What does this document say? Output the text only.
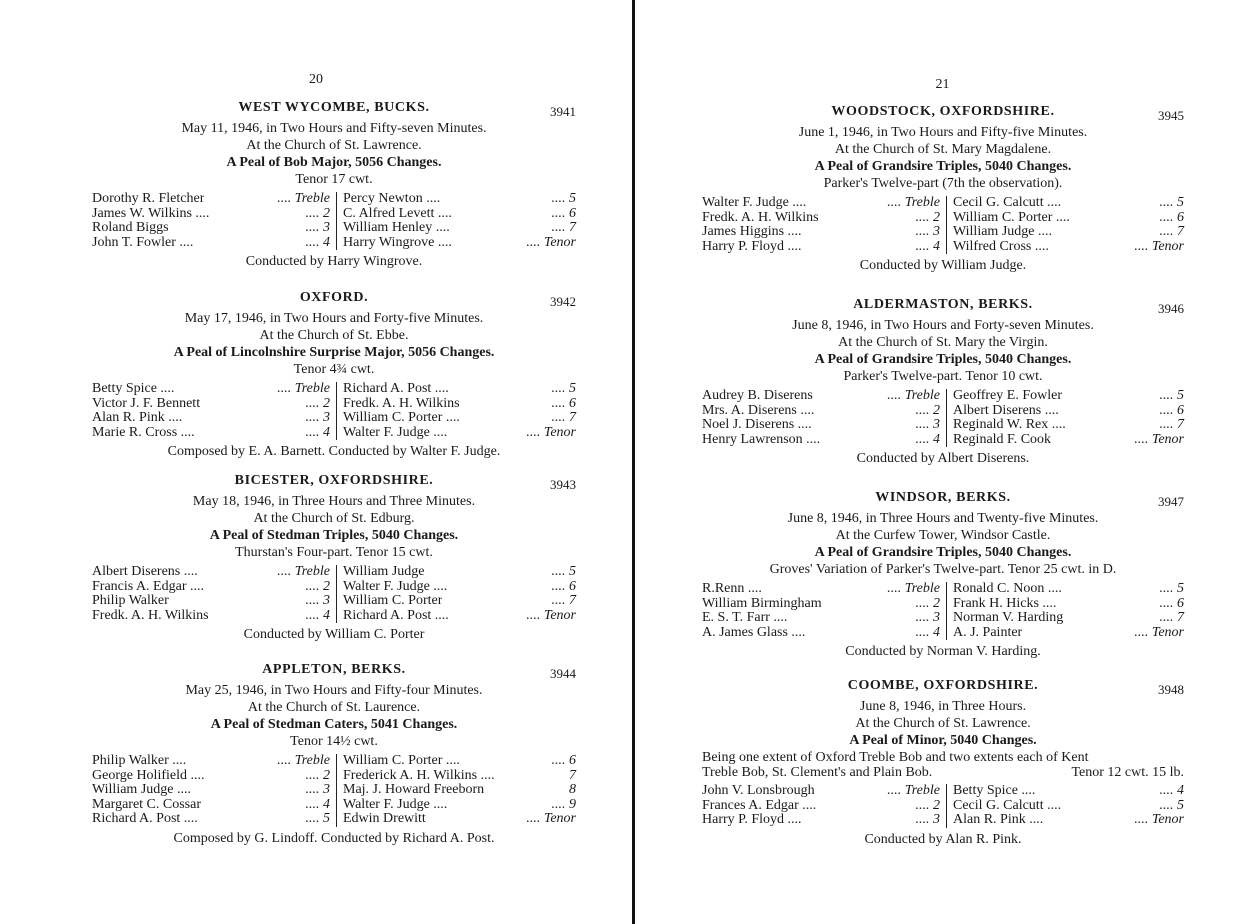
20
WEST WYCOMBE, BUCKS.	3941
May 11, 1946, in Two Hours and Fifty-seven Minutes.
At the Church of St. Lawrence.
A Peal of Bob Major, 5056 Changes.
Tenor 17 cwt.
Dorothy R. Fletcher	.... Treble
James W. Wilkins ....	.... 2
Roland Biggs	.... 3
John T. Fowler ....	.... 4
Percy Newton ....	.... 5
C. Alfred Levett ....	.... 6
William Henley ....	.... 7
Harry Wingrove ....	.... Tenor
Conducted by Harry Wingrove.
OXFORD.	3942
May 17, 1946, in Two Hours and Forty-five Minutes.
At the Church of St. Ebbe.
A Peal of Lincolnshire Surprise Major, 5056 Changes.
Tenor 4¾ cwt.
Betty Spice ....	.... Treble
Victor J. F. Bennett	.... 2
Alan R. Pink ....	.... 3
Marie R. Cross ....	.... 4
Richard A. Post ....	.... 5
Fredk. A. H. Wilkins	.... 6
William C. Porter ....	.... 7
Walter F. Judge ....	.... Tenor
Composed by E. A. Barnett. Conducted by Walter F. Judge.
BICESTER, OXFORDSHIRE.	3943
May 18, 1946, in Three Hours and Three Minutes.
At the Church of St. Edburg.
A Peal of Stedman Triples, 5040 Changes.
Thurstan's Four-part. Tenor 15 cwt.
Albert Diserens ....	.... Treble
Francis A. Edgar ....	.... 2
Philip Walker	.... 3
Fredk. A. H. Wilkins	.... 4
William Judge	.... 5
Walter F. Judge ....	.... 6
William C. Porter	.... 7
Richard A. Post ....	.... Tenor
Conducted by William C. Porter
APPLETON, BERKS.	3944
May 25, 1946, in Two Hours and Fifty-four Minutes.
At the Church of St. Laurence.
A Peal of Stedman Caters, 5041 Changes.
Tenor 14½ cwt.
Philip Walker ....	.... Treble
George Holifield ....	.... 2
William Judge ....	.... 3
Margaret C. Cossar	.... 4
Richard A. Post ....	.... 5
William C. Porter ....	.... 6
Frederick A. H. Wilkins ....	7
Maj. J. Howard Freeborn	8
Walter F. Judge ....	.... 9
Edwin Drewitt	.... Tenor
Composed by G. Lindoff. Conducted by Richard A. Post.
21
WOODSTOCK, OXFORDSHIRE.	3945
June 1, 1946, in Two Hours and Fifty-five Minutes.
At the Church of St. Mary Magdalene.
A Peal of Grandsire Triples, 5040 Changes.
Parker's Twelve-part (7th the observation).
Walter F. Judge ....	.... Treble
Fredk. A. H. Wilkins	.... 2
James Higgins ....	.... 3
Harry P. Floyd ....	.... 4
Cecil G. Calcutt ....	.... 5
William C. Porter ....	.... 6
William Judge ....	.... 7
Wilfred Cross ....	.... Tenor
Conducted by William Judge.
ALDERMASTON, BERKS.	3946
June 8, 1946, in Two Hours and Forty-seven Minutes.
At the Church of St. Mary the Virgin.
A Peal of Grandsire Triples, 5040 Changes.
Parker's Twelve-part. Tenor 10 cwt.
Audrey B. Diserens	.... Treble
Mrs. A. Diserens ....	.... 2
Noel J. Diserens ....	.... 3
Henry Lawrenson ....	.... 4
Geoffrey E. Fowler	.... 5
Albert Diserens ....	.... 6
Reginald W. Rex ....	.... 7
Reginald F. Cook	.... Tenor
Conducted by Albert Diserens.
WINDSOR, BERKS.	3947
June 8, 1946, in Three Hours and Twenty-five Minutes.
At the Curfew Tower, Windsor Castle.
A Peal of Grandsire Triples, 5040 Changes.
Groves' Variation of Parker's Twelve-part. Tenor 25 cwt. in D.
R.Renn ....	.... Treble
William Birmingham	.... 2
E. S. T. Farr ....	.... 3
A. James Glass ....	.... 4
Ronald C. Noon ....	.... 5
Frank H. Hicks ....	.... 6
Norman V. Harding	.... 7
A. J. Painter	.... Tenor
Conducted by Norman V. Harding.
COOMBE, OXFORDSHIRE.	3948
June 8, 1946, in Three Hours.
At the Church of St. Lawrence.
A Peal of Minor, 5040 Changes.
Being one extent of Oxford Treble Bob and two extents each of Kent
Treble Bob, St. Clement's and Plain Bob.	Tenor 12 cwt. 15 lb.
John V. Lonsbrough	.... Treble
Frances A. Edgar ....	.... 2
Harry P. Floyd ....	.... 3
Betty Spice ....	.... 4
Cecil G. Calcutt ....	.... 5
Alan R. Pink ....	.... Tenor
Conducted by Alan R. Pink.
